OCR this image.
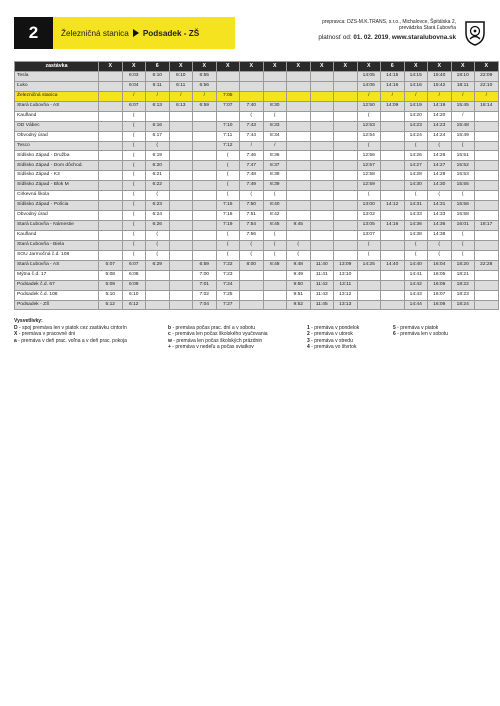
2	Železničná stanica Podsadek - ZŠ
prepravca: DZS-M.K.TRANS, s.r.o., Michalovce, Špitálska 2,
prevádzka Stará Ľubovňa
platnosť od: 01. 02. 2019, www.staralubovna.sk
zastávka	X	X	6	X	X	X	X	X	X	X	X	X	6	X	X	X	X
Tesla		6:03	6:10	6:10	6:55							14:05	14:15	14:15	15:40	18:10	22:09
Ľuko		6:04	6:11	6:11	6:56							14:06	14:16	14:16	15:42	18:11	22:10
Železničná stanica		/	/	/	/	7:05						/	/	/	/	/	/
Stará Ľubovňa - AS		6:07	6:13	6:13	6:59	7:07	7:40	8:30				12:50	14:09	14:19	14:19	15:45	18:14
Kaufland		(					(	(				(		14:20	14:20	/	
OD Vábec		(	6:16			7:10	7:43	8:33				12:53		14:23	14:23	15:48	
Obvodný úrad		(	6:17			7:11	7:44	8:34				12:54		14:24	14:24	15:49	
Tesco		(	(			7:12	/	/				(		(	(	(	
Sídlisko Západ - Družba		(	6:19			(	7:46	8:36				12:56		14:26	14:26	15:51	
Sídlisko Západ - Dom dôchod.		(	6:20			(	7:47	8:37				12:57		14:27	14:27	15:52	
Sídlisko Západ - K3		(	6:21			(	7:48	8:38				12:58		14:28	14:28	15:53	
Sídlisko Západ - Blok M		(	6:22			(	7:49	8:39				12:59		14:30	14:30	15:55	
Cirkevná škola		(	(			(	(	(				(		(	(	(	
Sídlisko Západ - Polícia		(	6:23			7:15	7:50	8:40				13:00	14:12	14:31	14:31	15:56	
Obvodný úrad		(	6:24			7:16	7:51	8:42				13:02		14:33	14:33	15:58	
Stará Ľubovňa - Námestie		(	6:26			7:19	7:54	8:45	9:45			13:05	14:16	14:36	14:36	16:01	18:17
Kaufland		(	(			(	7:56	(				13:07		14:38	14:38	(	
Stará Ľubovňa - Biela		(	(			(	(	(	(			(		(	(	(	
SOU Jarmočná č.d. 108		(	(			(	(	(	(			(		(	(	(	
Stará Ľubovňa - AS	5:07	6:07	6:29		6:59	7:22	8:00	8:48	9:48	11:40	13:09	14:25	14:40	14:40	16:04	18:20	22:28
Mýtna č.d. 17	5:08	6:08			7:00	7:23			9:49	11:41	13:10			14:41	16:05	18:21	
Podsadek č.d. 67	5:09	6:09			7:01	7:24			9:50	11:42	13:11			14:42	16:06	18:22	
Podsadek č.d. 108	5:10	6:10			7:02	7:25			9:51	11:43	13:12			14:43	16:07	18:23	
Podsadek - ZŠ	5:12	6:12			7:04	7:27			9:52	11:45	13:13			14:44	16:08	18:24	

Vysvetlivky:

D - spoj premáva len v piatok cez zastávku cintorín

X - premáva v pracovné dni

a - premáva v deň prac. voľna a v deň prac. pokoja

b - premáva počas prac. dní a v sobotu

c - premáva len počas školského vyučovania

w - premáva len počas školských prázdnin

+ - premáva v nedeľu a počas sviatkov

1 - premáva v pondelok

2 - premáva v utorok

3 - premáva v stredu

4 - premáva vo štvrtok

5 - premáva v piatok

6 - premáva len v sobotu
